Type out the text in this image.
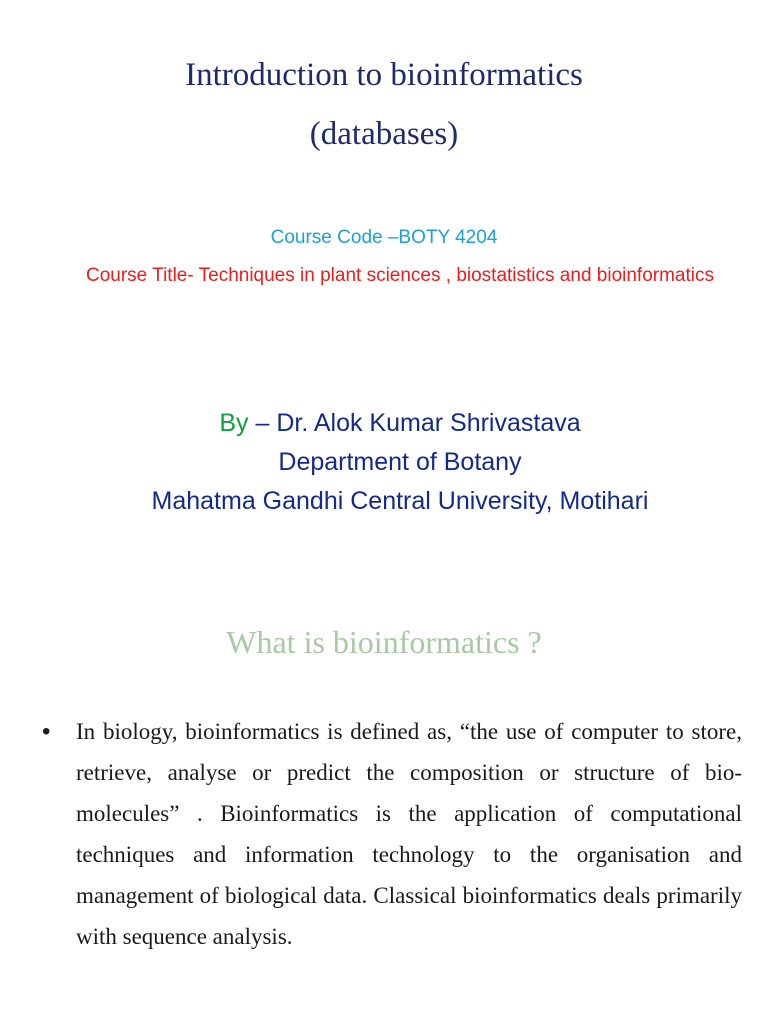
Introduction to bioinformatics
(databases)
Course Code –BOTY 4204
Course Title- Techniques in plant sciences , biostatistics and bioinformatics
By – Dr. Alok Kumar Shrivastava
Department of Botany
Mahatma Gandhi Central University, Motihari
What is bioinformatics ?
• In biology, bioinformatics is defined as, “the use of computer to store, retrieve, analyse or predict the composition or structure of bio-molecules” . Bioinformatics is the application of computational techniques and information technology to the organisation and management of biological data. Classical bioinformatics deals primarily with sequence analysis.
